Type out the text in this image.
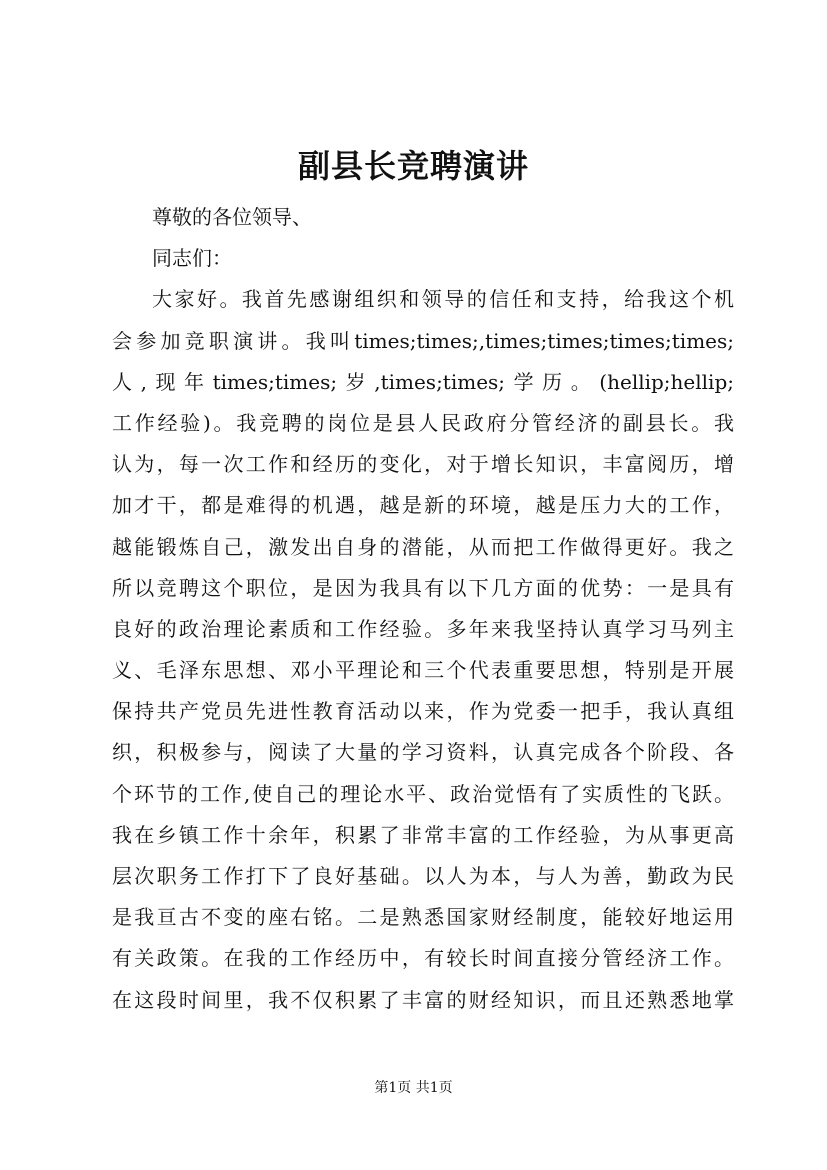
副县长竞聘演讲
尊敬的各位领导、
同志们：
大家好。我首先感谢组织和领导的信任和支持，给我这个机
会参加竞职演讲。我叫times;times;,times;times;times;times;
人,现年times;times;岁,times;times;学历。(hellip;hellip;
工作经验)。我竞聘的岗位是县人民政府分管经济的副县长。我
认为，每一次工作和经历的变化，对于增长知识，丰富阅历，增
加才干，都是难得的机遇，越是新的环境，越是压力大的工作，
越能锻炼自己，激发出自身的潜能，从而把工作做得更好。我之
所以竞聘这个职位，是因为我具有以下几方面的优势：一是具有
良好的政治理论素质和工作经验。多年来我坚持认真学习马列主
义、毛泽东思想、邓小平理论和三个代表重要思想，特别是开展
保持共产党员先进性教育活动以来，作为党委一把手，我认真组
织，积极参与，阅读了大量的学习资料，认真完成各个阶段、各
个环节的工作,使自己的理论水平、政治觉悟有了实质性的飞跃。
我在乡镇工作十余年，积累了非常丰富的工作经验，为从事更高
层次职务工作打下了良好基础。以人为本，与人为善，勤政为民
是我亘古不变的座右铭。二是熟悉国家财经制度，能较好地运用
有关政策。在我的工作经历中，有较长时间直接分管经济工作。
在这段时间里，我不仅积累了丰富的财经知识，而且还熟悉地掌
第1页 共1页
